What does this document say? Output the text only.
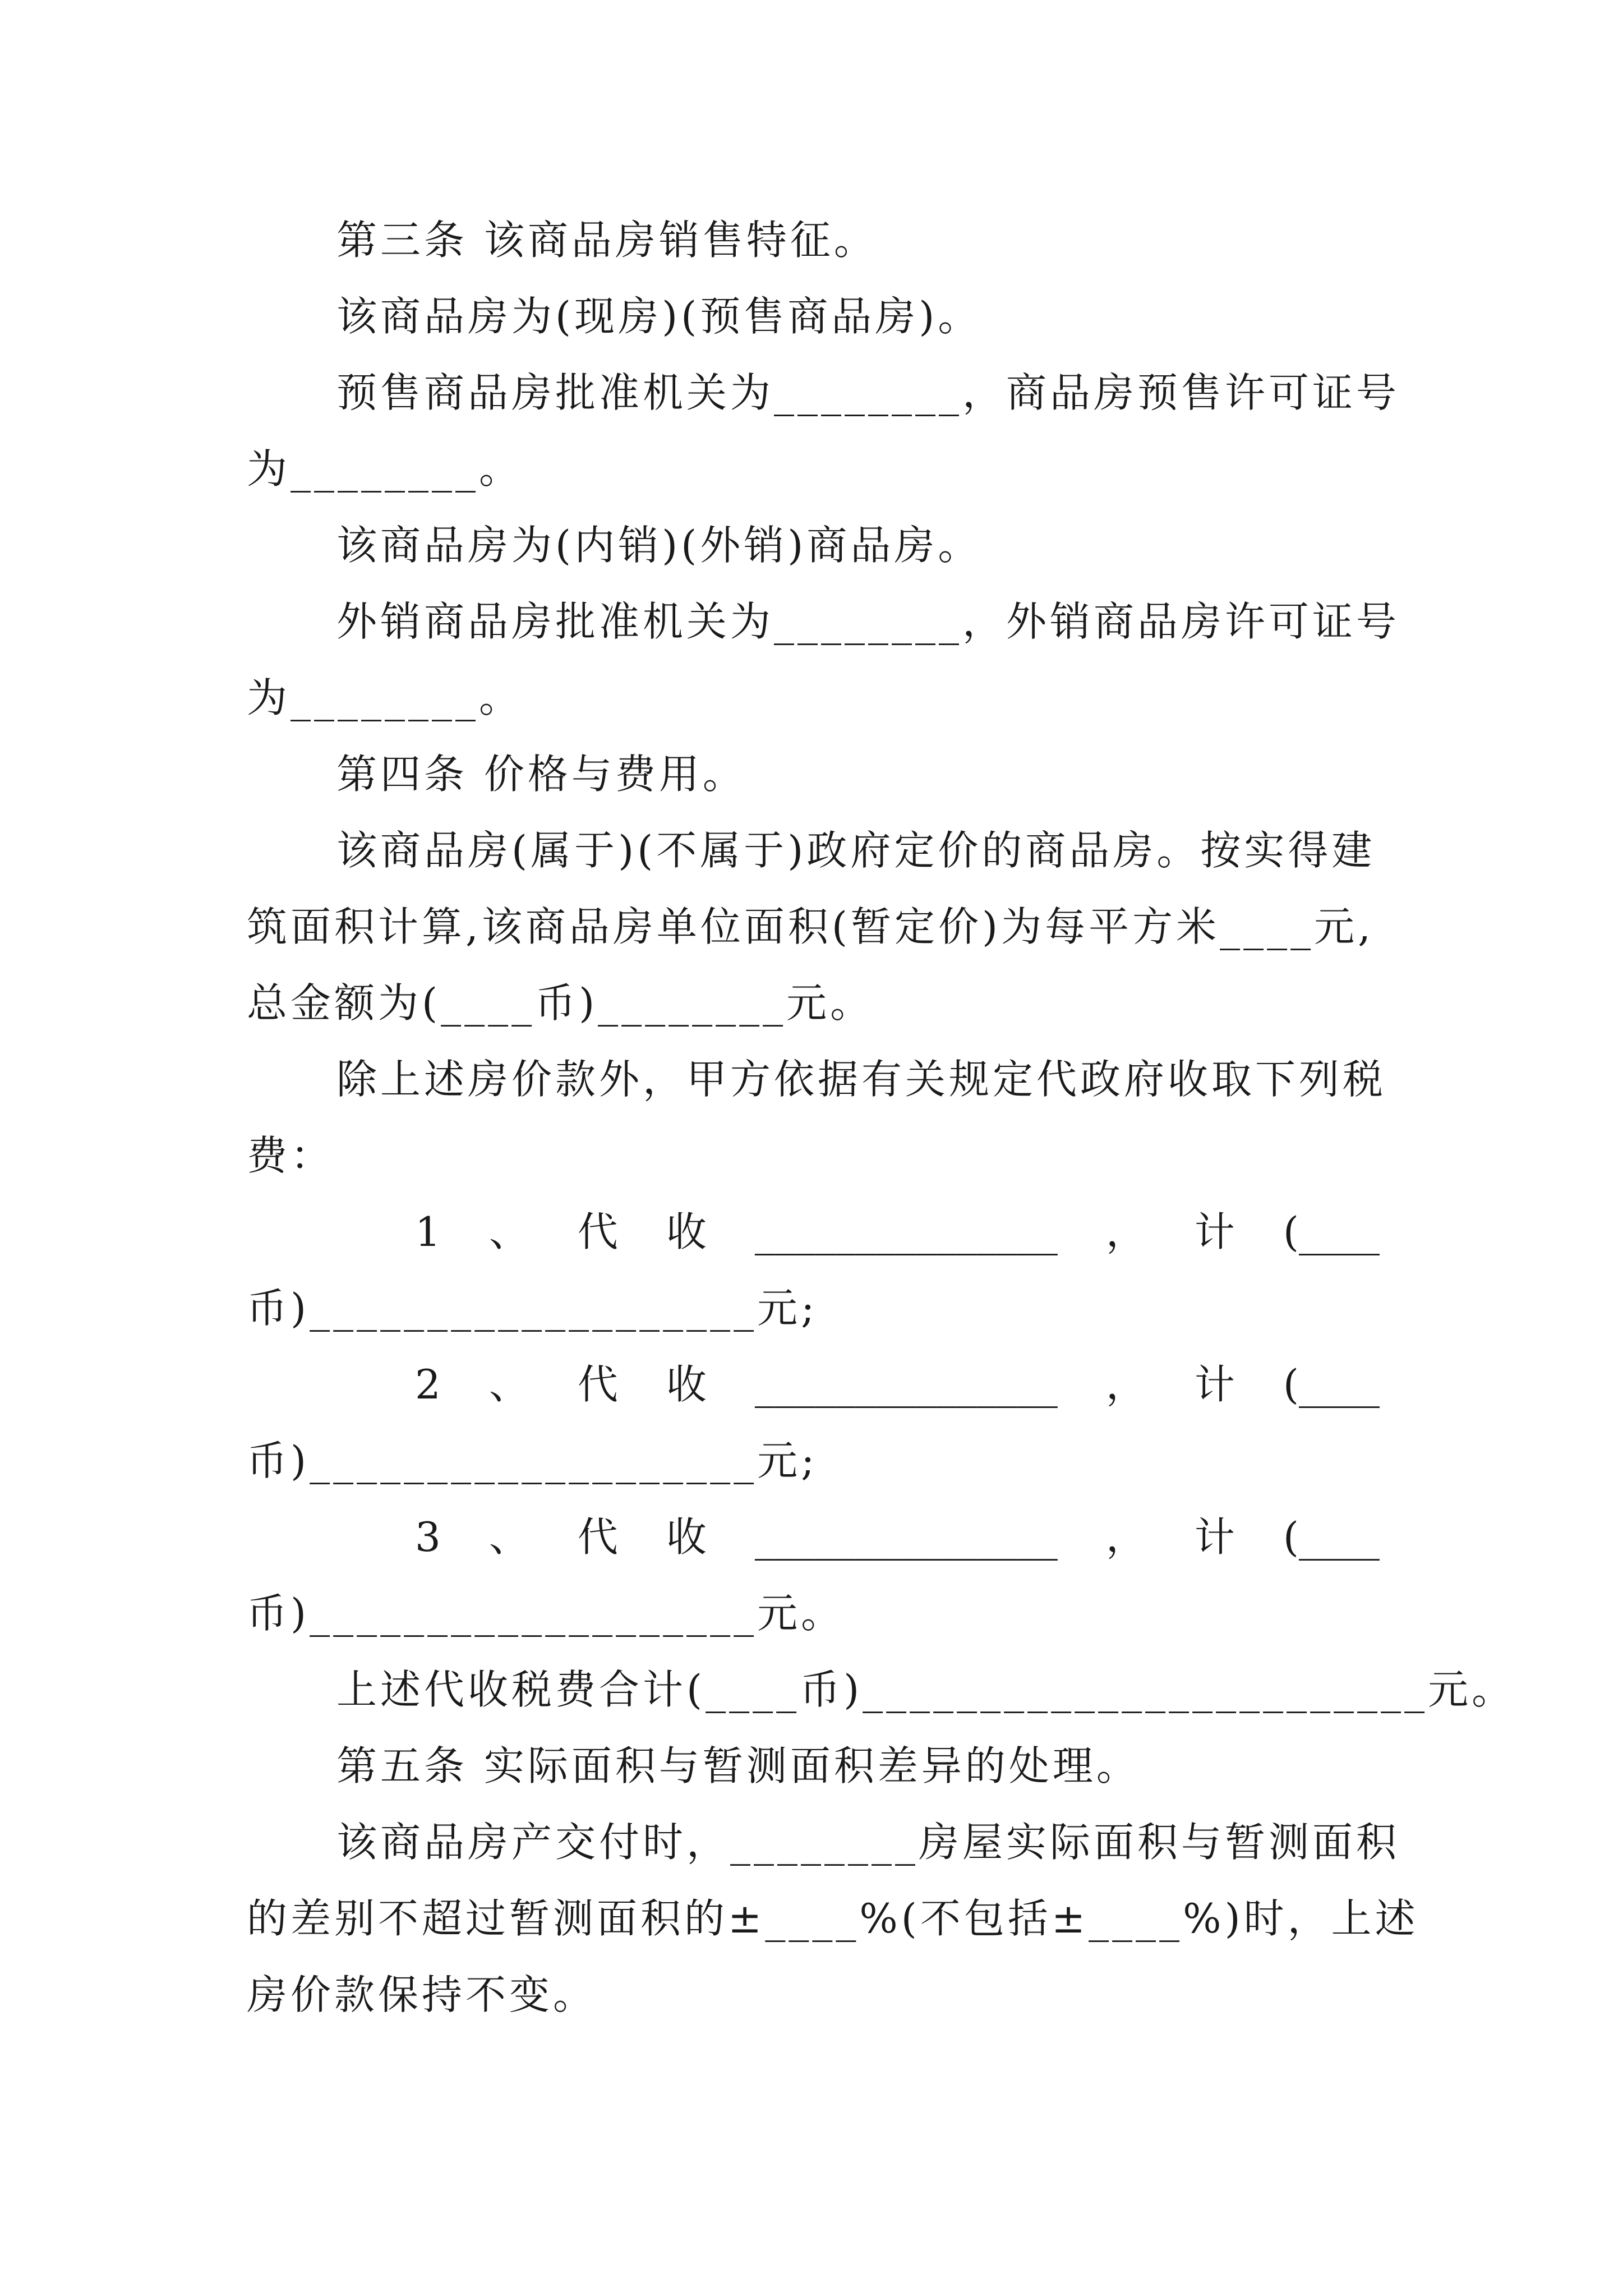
第三条 该商品房销售特征。
该商品房为(现房)(预售商品房)。
预售商品房批准机关为________，商品房预售许可证号
为________。
该商品房为(内销)(外销)商品房。
外销商品房批准机关为________，外销商品房许可证号
为________。
第四条 价格与费用。
该商品房(属于)(不属于)政府定价的商品房。按实得建
筑面积计算,该商品房单位面积(暂定价)为每平方米____元,
总金额为(____币)________元。
除上述房价款外，甲方依据有关规定代政府收取下列税
费：
1 、 代 收 _______________ ， 计 (____
币)___________________元;
2 、 代 收 _______________ ， 计 (____
币)___________________元;
3 、 代 收 _______________ ， 计 (____
币)___________________元。
上述代收税费合计(____币)________________________元。
第五条 实际面积与暂测面积差异的处理。
该商品房产交付时，________房屋实际面积与暂测面积
的差别不超过暂测面积的±____%(不包括±____%)时，上述
房价款保持不变。
